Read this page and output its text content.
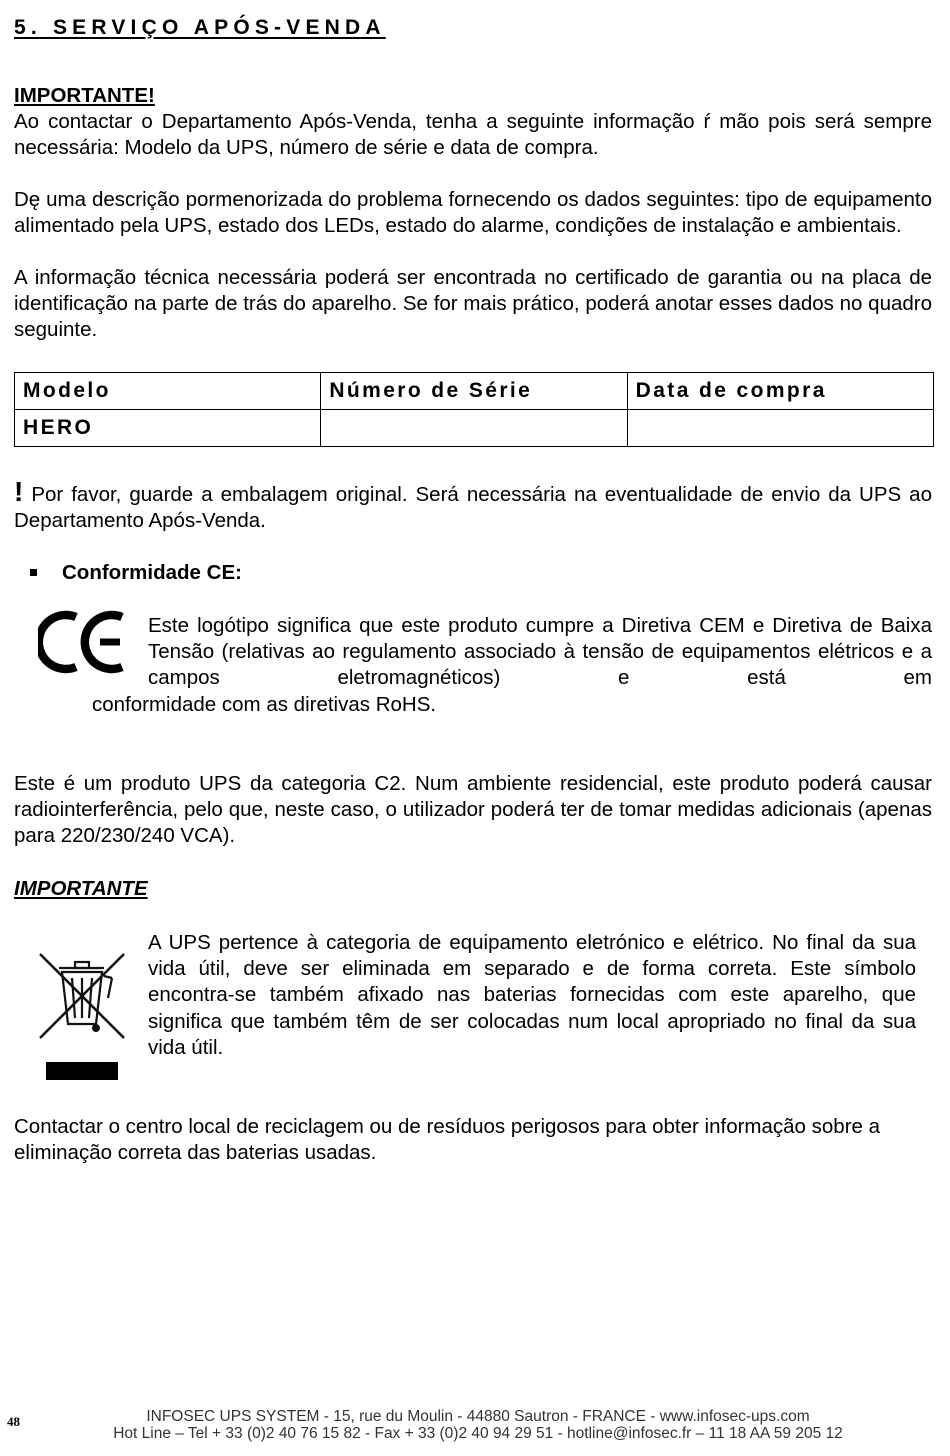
5. SERVIÇO APÓS-VENDA
IMPORTANTE!

Ao contactar o Departamento Após-Venda, tenha a seguinte informação ŕ mão pois será sempre necessária: Modelo da UPS, número de série e data de compra.

Dę uma descrição pormenorizada do problema fornecendo os dados seguintes: tipo de equipamento alimentado pela UPS, estado dos LEDs, estado do alarme, condições de instalação e ambientais.

A informação técnica necessária poderá ser encontrada no certificado de garantia ou na placa de identificação na parte de trás do aparelho. Se for mais prático, poderá anotar esses dados no quadro seguinte.

Modelo	Número de Série	Data de compra
HERO		

! Por favor, guarde a embalagem original. Será necessária na eventualidade de envio da UPS ao Departamento Após-Venda.

Conformidade CE:

Este logótipo significa que este produto cumpre a Diretiva CEM e Diretiva de Baixa Tensão (relativas ao regulamento associado à tensão de equipamentos elétricos e a campos eletromagnéticos) e está em

conformidade com as diretivas RoHS.

Este é um produto UPS da categoria C2. Num ambiente residencial, este produto poderá causar radiointerferência, pelo que, neste caso, o utilizador poderá ter de tomar medidas adicionais (apenas para 220/230/240 VCA).

IMPORTANTE

A UPS pertence à categoria de equipamento eletrónico e elétrico. No final da sua vida útil, deve ser eliminada em separado e de forma correta. Este símbolo encontra-se também afixado nas baterias fornecidas com este aparelho, que significa que também têm de ser colocadas num local apropriado no final da sua vida útil.

Contactar o centro local de reciclagem ou de resíduos perigosos para obter informação sobre a eliminação correta das baterias usadas.

48	INFOSEC UPS SYSTEM - 15, rue du Moulin - 44880 Sautron - FRANCE - www.infosec-ups.com
Hot Line – Tel + 33 (0)2 40 76 15 82 - Fax + 33 (0)2 40 94 29 51 - hotline@infosec.fr – 11 18 AA 59 205 12
